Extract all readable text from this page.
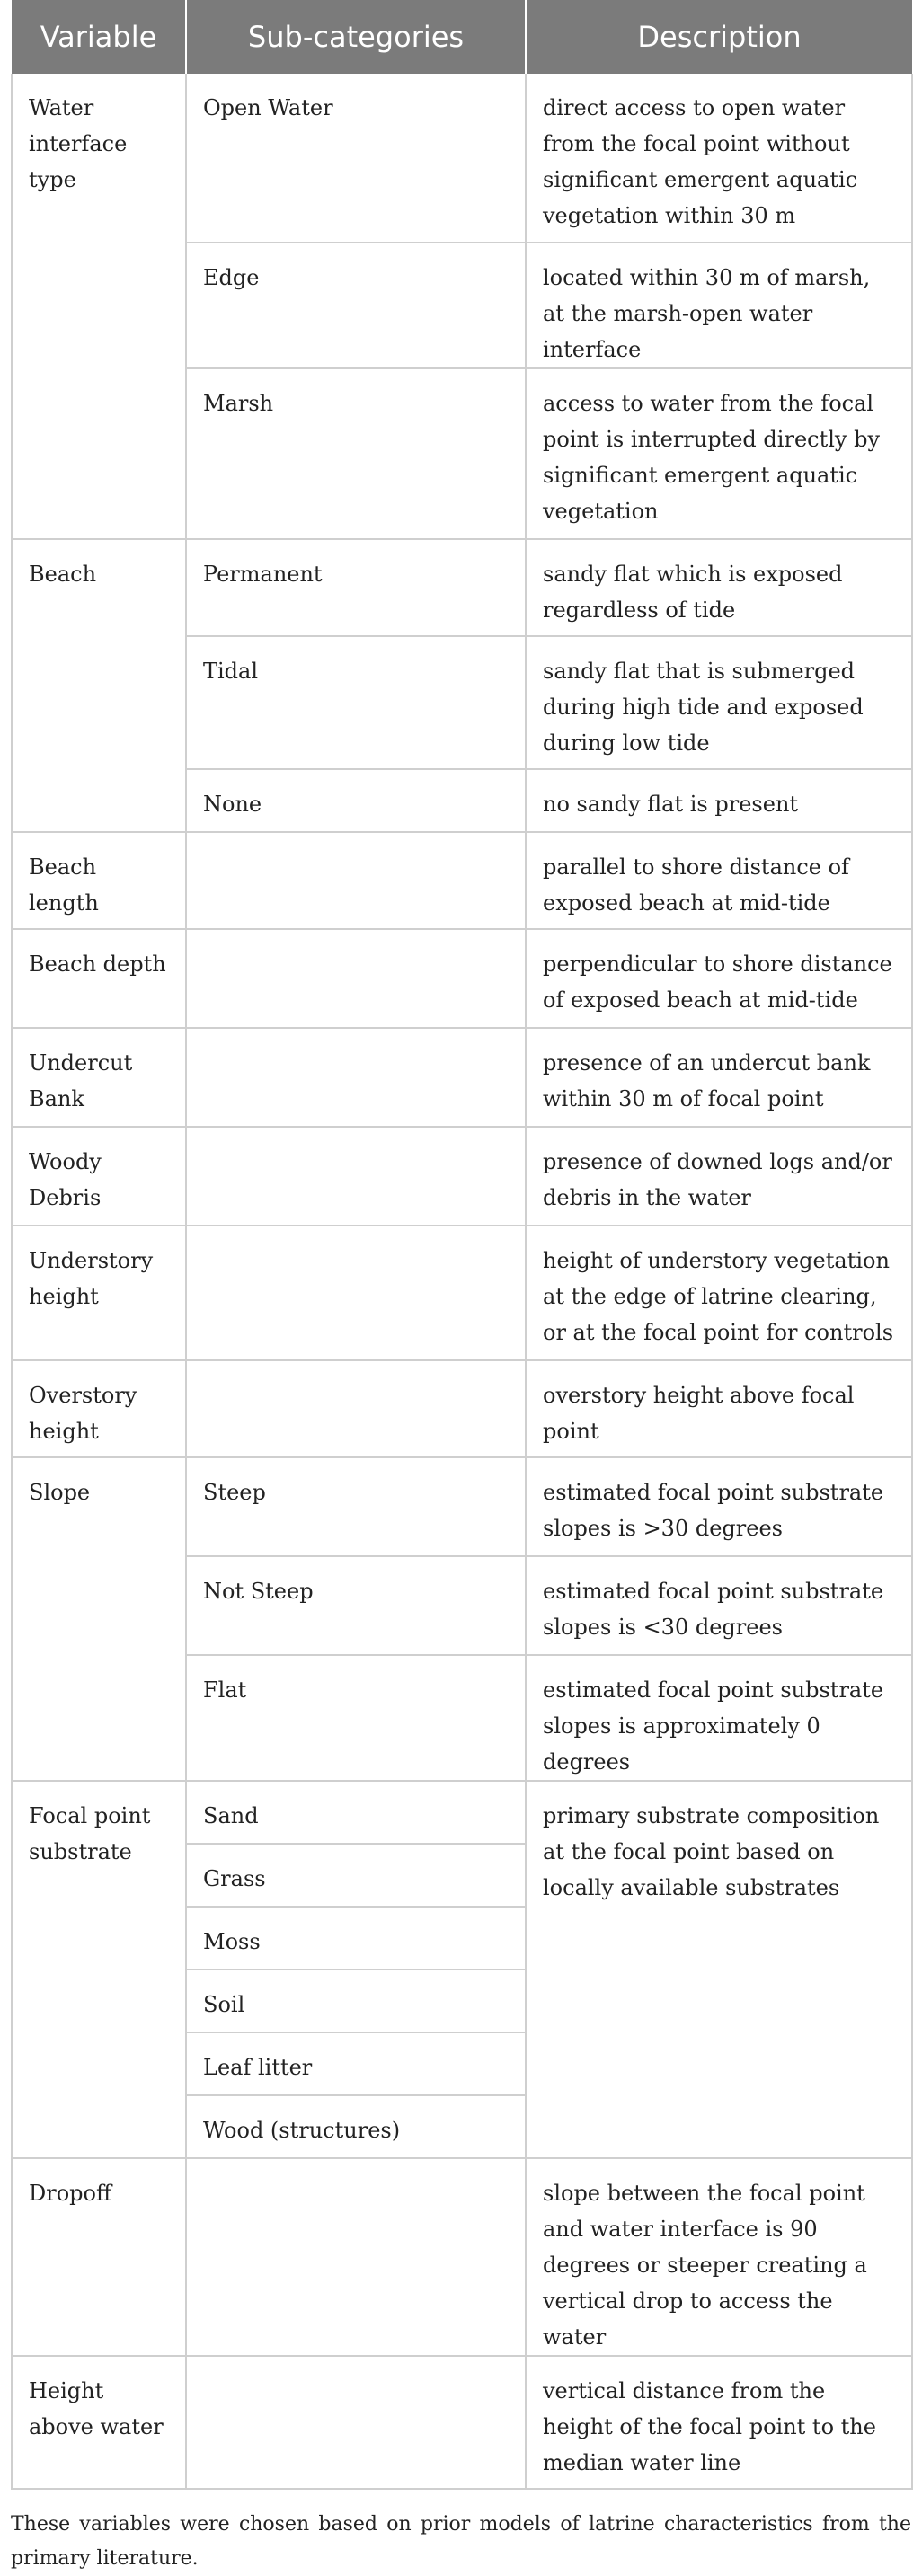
Variable	Sub-categories	Description
Water interface type	Open Water	direct access to open water from the focal point without significant emergent aquatic vegetation within 30 m
	Edge	located within 30 m of marsh, at the marsh-open water interface
	Marsh	access to water from the focal point is interrupted directly by significant emergent aquatic vegetation
Beach	Permanent	sandy flat which is exposed regardless of tide
	Tidal	sandy flat that is submerged during high tide and exposed during low tide
	None	no sandy flat is present
Beach length		parallel to shore distance of exposed beach at mid-tide
Beach depth		perpendicular to shore distance of exposed beach at mid-tide
Undercut Bank		presence of an undercut bank within 30 m of focal point
Woody Debris		presence of downed logs and/or debris in the water
Understory height		height of understory vegetation at the edge of latrine clearing, or at the focal point for controls
Overstory height		overstory height above focal point
Slope	Steep	estimated focal point substrate slopes is >30 degrees
	Not Steep	estimated focal point substrate slopes is <30 degrees
	Flat	estimated focal point substrate slopes is approximately 0 degrees
Focal point substrate	Sand	primary substrate composition at the focal point based on locally available substrates
	Grass	
	Moss	
	Soil	
	Leaf litter	
	Wood (structures)	
Dropoff		slope between the focal point and water interface is 90 degrees or steeper creating a vertical drop to access the water
Height above water		vertical distance from the height of the focal point to the median water line
These variables were chosen based on prior models of latrine characteristics from the primary literature.
